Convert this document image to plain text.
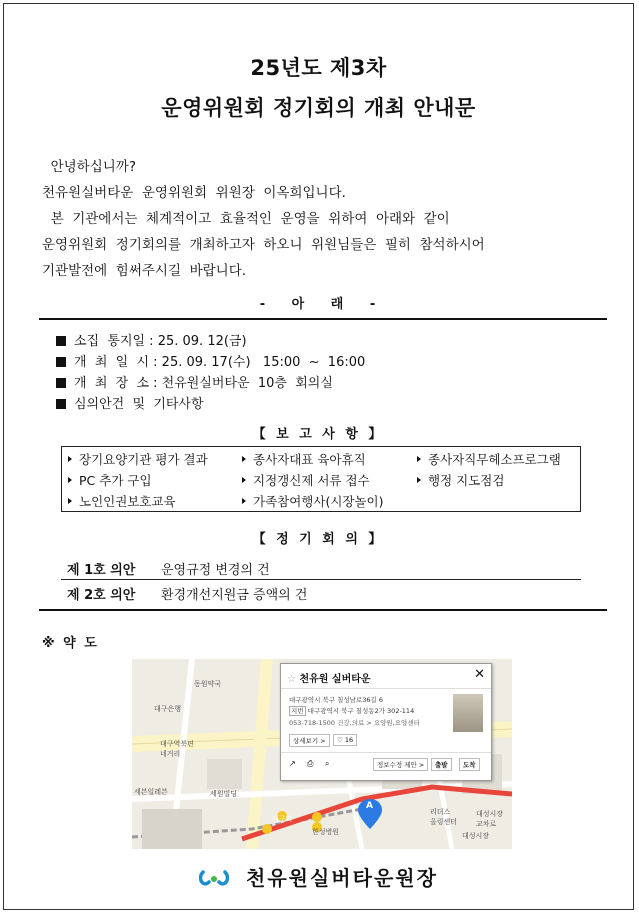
25년도 제3차
운영위원회 정기회의 개최 안내문
안녕하십니까?
천유원실버타운  운영위원회  위원장  이옥희입니다.
본  기관에서는  체계적이고  효율적인  운영을  위하여  아래와  같이
운영위원회  정기회의를  개최하고자  하오니  위원님들은  필히  참석하시어
기관발전에  힘써주시길  바랍니다.
- 아 래 -
소집  통지일 : 25. 09. 12(금)
개  최  일  시 : 25. 09. 17(수)   15:00  ~  16:00
개  최  장  소 : 천유원실버타운  10층  회의실
심의안건  및  기타사항
【 보 고 사 항 】
장기요양기관 평가 결과	종사자대표 육아휴직	종사자직무헤소프로그램
PC 추가 구입	지정갱신제 서류 접수	행정 지도점검
노인인권보호교육	가족참여행사(시장놀이)
【 정 기 회 의 】
제 1호 의안 운영규정 변경의 건
제 2호 의안 환경개선지원금 증액의 건
※ 약 도
동원약국
대구은행
대구역북편
네거리
세븐일레븐	세원빌딩
대구역
한성병원
리더스
올링센터
대성시장
대성시장
교차로
A
☆ 천유원 실버타운	✕
대구광역시 북구 칠성남로36길 6
지번 대구광역시 북구 칠성동2가 302-114
053-718-1500 건강,의료 > 요양원,요양센터
상세보기 >	♡ 16
↗ ⎙ ⌕	정보수정 제안 >	출발	도착
천유원실버타운원장
